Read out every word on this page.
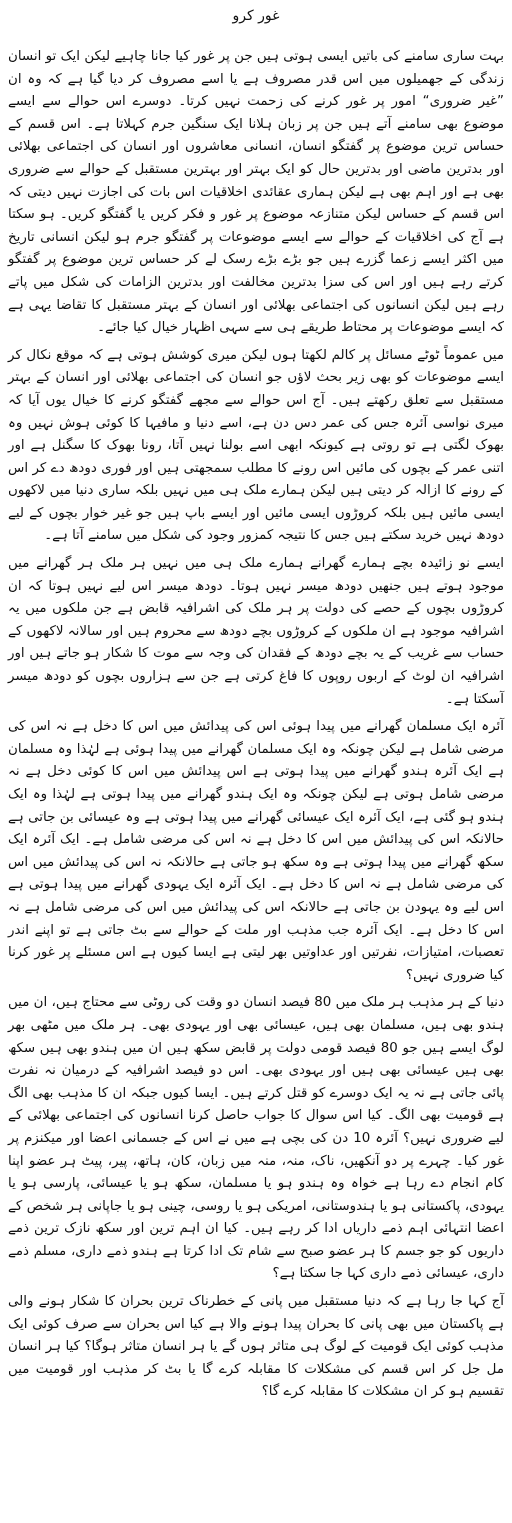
غور کرو

بہت ساری سامنے کی باتیں ایسی ہوتی ہیں جن پر غور کیا جانا چاہیے لیکن ایک تو انسان زندگی کے جھمیلوں میں اس قدر مصروف ہے یا اسے مصروف کر دیا گیا ہے کہ وہ ان ”غیر ضروری“ امور پر غور کرنے کی زحمت نہیں کرتا۔ دوسرے اس حوالے سے ایسے موضوع بھی سامنے آتے ہیں جن پر زبان ہلانا ایک سنگین جرم کہلاتا ہے۔ اس قسم کے حساس ترین موضوع پر گفتگو انسان، انسانی معاشروں اور انسان کی اجتماعی بھلائی اور بدترین ماضی اور بدترین حال کو ایک بہتر اور بہترین مستقبل کے حوالے سے ضروری بھی ہے اور اہم بھی ہے لیکن ہماری عقائدی اخلاقیات اس بات کی اجازت نہیں دیتی کہ اس قسم کے حساس لیکن متنازعہ موضوع پر غور و فکر کریں یا گفتگو کریں۔ ہو سکتا ہے آج کی اخلاقیات کے حوالے سے ایسے موضوعات پر گفتگو جرم ہو لیکن انسانی تاریخ میں اکثر ایسے زعما گزرے ہیں جو بڑے بڑے رسک لے کر حساس ترین موضوع پر گفتگو کرتے رہے ہیں اور اس کی سزا بدترین مخالفت اور بدترین الزامات کی شکل میں پاتے رہے ہیں لیکن انسانوں کی اجتماعی بھلائی اور انسان کے بہتر مستقبل کا تقاضا یہی ہے کہ ایسے موضوعات پر محتاط طریقے ہی سے سہی اظہار خیال کیا جائے۔

میں عموماً ٹوٹے مسائل پر کالم لکھتا ہوں لیکن میری کوشش ہوتی ہے کہ موقع نکال کر ایسے موضوعات کو بھی زیر بحث لاؤں جو انسان کی اجتماعی بھلائی اور انسان کے بہتر مستقبل سے تعلق رکھتے ہیں۔ آج اس حوالے سے مجھے گفتگو کرنے کا خیال یوں آیا کہ میری نواسی آئرہ جس کی عمر دس دن ہے، اسے دنیا و مافیہا کا کوئی ہوش نہیں وہ بھوک لگتی ہے تو روتی ہے کیونکہ ابھی اسے بولنا نہیں آتا، رونا بھوک کا سگنل ہے اور اتنی عمر کے بچوں کی مائیں اس رونے کا مطلب سمجھتی ہیں اور فوری دودھ دے کر اس کے رونے کا ازالہ کر دیتی ہیں لیکن ہمارے ملک ہی میں نہیں بلکہ ساری دنیا میں لاکھوں ایسی مائیں ہیں بلکہ کروڑوں ایسی مائیں اور ایسے باپ ہیں جو غیر خوار بچوں کے لیے دودھ نہیں خرید سکتے ہیں جس کا نتیجہ کمزور وجود کی شکل میں سامنے آتا ہے۔

ایسے نو زائیدہ بچے ہمارے گھرانے ہمارے ملک ہی میں نہیں ہر ملک ہر گھرانے میں موجود ہوتے ہیں جنھیں دودھ میسر نہیں ہوتا۔ دودھ میسر اس لیے نہیں ہوتا کہ ان کروڑوں بچوں کے حصے کی دولت پر ہر ملک کی اشرافیہ قابض ہے جن ملکوں میں یہ اشرافیہ موجود ہے ان ملکوں کے کروڑوں بچے دودھ سے محروم ہیں اور سالانہ لاکھوں کے حساب سے غریب کے یہ بچے دودھ کے فقدان کی وجہ سے موت کا شکار ہو جاتے ہیں اور اشرافیہ ان لوٹ کے اربوں روپوں کا فاغ کرتی ہے جن سے ہزاروں بچوں کو دودھ میسر آسکتا ہے۔

آئرہ ایک مسلمان گھرانے میں پیدا ہوئی اس کی پیدائش میں اس کا دخل ہے نہ اس کی مرضی شامل ہے لیکن چونکہ وہ ایک مسلمان گھرانے میں پیدا ہوئی ہے لہٰذا وہ مسلمان ہے ایک آئرہ ہندو گھرانے میں پیدا ہوتی ہے اس پیدائش میں اس کا کوئی دخل ہے نہ مرضی شامل ہوتی ہے لیکن چونکہ وہ ایک ہندو گھرانے میں پیدا ہوتی ہے لہٰذا وہ ایک ہندو ہو گئی ہے، ایک آئرہ ایک عیسائی گھرانے میں پیدا ہوتی ہے وہ عیسائی بن جاتی ہے حالانکہ اس کی پیدائش میں اس کا دخل ہے نہ اس کی مرضی شامل ہے۔ ایک آئرہ ایک سکھ گھرانے میں پیدا ہوتی ہے وہ سکھ ہو جاتی ہے حالانکہ نہ اس کی پیدائش میں اس کی مرضی شامل ہے نہ اس کا دخل ہے۔ ایک آئرہ ایک یہودی گھرانے میں پیدا ہوتی ہے اس لیے وہ یہودن بن جاتی ہے حالانکہ اس کی پیدائش میں اس کی مرضی شامل ہے نہ اس کا دخل ہے۔ ایک آئرہ جب مذہب اور ملت کے حوالے سے بٹ جاتی ہے تو اپنے اندر تعصبات، امتیازات، نفرتیں اور عداوتیں بھر لیتی ہے ایسا کیوں ہے اس مسئلے پر غور کرنا کیا ضروری نہیں؟

دنیا کے ہر مذہب ہر ملک میں 80 فیصد انسان دو وقت کی روٹی سے محتاج ہیں، ان میں ہندو بھی ہیں، مسلمان بھی ہیں، عیسائی بھی اور یہودی بھی۔ ہر ملک میں مٹھی بھر لوگ ایسے ہیں جو 80 فیصد قومی دولت پر قابض سکھ ہیں ان میں ہندو بھی ہیں سکھ بھی ہیں عیسائی بھی ہیں اور یہودی بھی۔ اس دو فیصد اشرافیہ کے درمیان نہ نفرت پائی جاتی ہے نہ یہ ایک دوسرے کو قتل کرتے ہیں۔ ایسا کیوں جبکہ ان کا مذہب بھی الگ ہے قومیت بھی الگ۔ کیا اس سوال کا جواب حاصل کرنا انسانوں کی اجتماعی بھلائی کے لیے ضروری نہیں؟ آئرہ 10 دن کی بچی ہے میں نے اس کے جسمانی اعضا اور میکنزم پر غور کیا۔ چہرے پر دو آنکھیں، ناک، منہ، منہ میں زبان، کان، ہاتھ، پیر، پیٹ ہر عضو اپنا کام انجام دے رہا ہے خواہ وہ ہندو ہو یا مسلمان، سکھ ہو یا عیسائی، پارسی ہو یا یہودی، پاکستانی ہو یا ہندوستانی، امریکی ہو یا روسی، چینی ہو یا جاپانی ہر شخص کے اعضا انتہائی اہم ذمے داریاں ادا کر رہے ہیں۔ کیا ان اہم ترین اور سکھ نازک ترین ذمے داریوں کو جو جسم کا ہر عضو صبح سے شام تک ادا کرتا ہے ہندو ذمے داری، مسلم ذمے داری، عیسائی ذمے داری کہا جا سکتا ہے؟

آج کہا جا رہا ہے کہ دنیا مستقبل میں پانی کے خطرناک ترین بحران کا شکار ہونے والی ہے پاکستان میں بھی پانی کا بحران پیدا ہونے والا ہے کیا اس بحران سے صرف کوئی ایک مذہب کوئی ایک قومیت کے لوگ ہی متاثر ہوں گے یا ہر انسان متاثر ہوگا؟ کیا ہر انسان مل جل کر اس قسم کی مشکلات کا مقابلہ کرے گا یا بٹ کر مذہب اور قومیت میں تقسیم ہو کر ان مشکلات کا مقابلہ کرے گا؟
